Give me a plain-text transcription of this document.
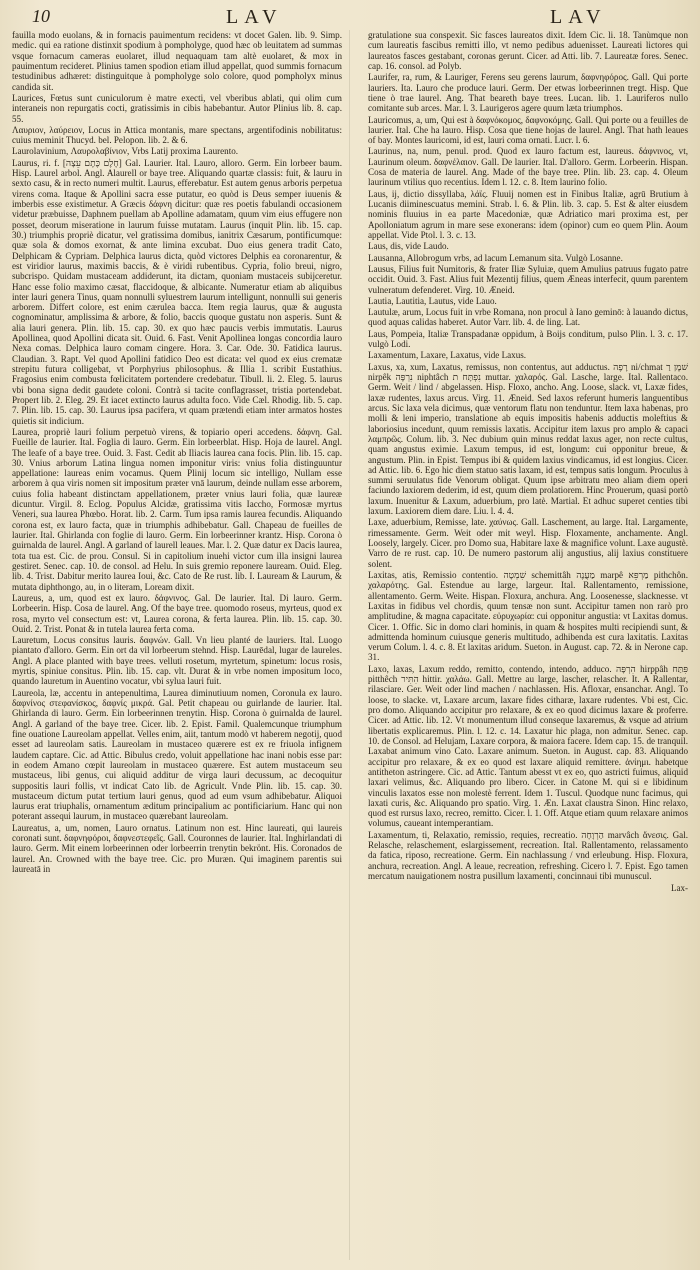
10	LAV	LAV

fauilla modo euolans, & in fornacis pauimentum recidens: vt docet Galen. lib. 9. Simp. medic. qui ea ratione distinxit spodium à pompholyge, quod hæc ob leuitatem ad summas vsque fornacum cameras euolaret, illud nequaquam tam altè euolaret, & mox in pauimentum recideret. Plinius tamen spodion etiam illud appellat, quod summis fornacum testudinibus adhæret: distinguitque à pompholyge solo colore, quod pompholyx minus candida sit.

Laurices, Fœtus sunt cuniculorum è matre execti, vel vberibus ablati, qui olim cum interaneis non repurgatis cocti, gratissimis in cibis habebantur. Autor Plinius lib. 8. cap. 55.

Λαυριον, λαύρειον, Locus in Attica montanis, mare spectans, argentifodinis nobilitatus: cuius meminit Thucyd. bel. Pelopon. lib. 2. & 6.

Laurolavinium, Λαυρολαβίνιον, Vrbs Latij proxima Laurento.

Laurus, ri. f. [חֶלֶם כֶּתֶם עֵצָה] Gal. Laurier. Ital. Lauro, alloro. Germ. Ein lorbeer baum. Hisp. Laurel arbol. Angl. Alaurell or baye tree. Aliquando quartæ classis: fuit, & lauru in sexto casu, & in recto numeri multit. Laurus, efferebatur. Est autem genus arboris perpetua virens coma. Itaque & Apollini sacra esse putatur, eo quòd is Deus semper iuuenis & imberbis esse existimetur. A Græcis δάφνη dicitur: quæ res poetis fabulandi occasionem videtur præbuisse, Daphnem puellam ab Apolline adamatam, quum vim eius effugere non posset, deorum miseratione in laurum fuisse mutatam. Laurus (inquit Plin. lib. 15. cap. 30.) triumphis propriè dicatur, vel gratissima domibus, ianitrix Cæsarum, pontificumque: quæ sola & domos exornat, & ante limina excubat. Duo eius genera tradit Cato, Delphicam & Cypriam. Delphica laurus dicta, quòd victores Delphis ea coronarentur, & est viridior laurus, maximis baccis, & è viridi rubentibus. Cypria, folio breui, nigro, subcrispo. Quidam mustaceam addiderunt, ita dictam, quoniam mustaceis subijceretur. Hanc esse folio maximo cæsat, flaccidoque, & albicante. Numeratur etiam ab aliquibus inter lauri genera Tinus, quam nonnulli syluestrem laurum intelligunt, nonnulli sui generis arborem. Differt colore, est enim cærulea bacca. Item regia laurus, quæ & augusta cognominatur, amplissima & arbore, & folio, baccis quoque gustatu non asperis. Sunt & alia lauri genera. Plin. lib. 15. cap. 30. ex quo hæc paucis verbis immutatis. Laurus Apollinea, quod Apollini dicata sit. Ouid. 6. Fast. Venit Apollinea longas concordia lauro Nexa comas. Delphica lauro comam cingere. Hora. 3. Car. Ode. 30. Fatidica laurus. Claudian. 3. Rapt. Vel quod Apollini fatidico Deo est dicata: vel quod ex eius crematæ strepitu futura colligebat, vt Porphyrius philosophus. & Illia 1. scribit Eustathius. Fragosius enim combusta fœlicitatem portendere credebatur. Tibull. li. 2. Eleg. 5. laurus vbi bona signa dedit gaudete coloni. Contrà si tacite conflagrasset, tristia portendebat. Propert lib. 2. Eleg. 29. Et iacet extincto laurus adulta foco. Vide Cæl. Rhodig. lib. 5. cap. 7. Plin. lib. 15. cap. 30. Laurus ipsa pacifera, vt quam prætendi etiam inter armatos hostes quietis sit indicium.

Laurea, propriè lauri folium perpetuò virens, & topiario operi accedens. δάφνη. Gal. Fueille de laurier. Ital. Foglia di lauro. Germ. Ein lorbeerblat. Hisp. Hoja de laurel. Angl. The leafe of a baye tree. Ouid. 3. Fast. Cedit ab Iliacis laurea cana focis. Plin. lib. 15. cap. 30. Vnius arborum Latina lingua nomen imponitur viris: vnius folia distinguuntur appellatione: laureas enim vocamus. Quem Plinij locum sic intelligo, Nullam esse arborem à qua viris nomen sit impositum præter vnā laurum, deinde nullam esse arborem, cuius folia habeant distinctam appellationem, præter vnius lauri folia, quæ laureæ dicuntur. Virgil. 8. Eclog. Populus Alcidæ, gratissima vitis Iaccho, Formosæ myrtus Veneri, sua laurea Phœbo. Horat. lib. 2. Carm. Tum ipsa ramis laurea fecundis. Aliquando corona est, ex lauro facta, quæ in triumphis adhibebatur. Gall. Chapeau de fueilles de laurier. Ital. Ghirlanda con foglie di lauro. Germ. Ein lorbeerinner krantz. Hisp. Corona ò guirnalda de laurel. Angl. A garland of laurell leaues. Mar. l. 2. Quæ datur ex Dacis laurea, tota tua est. Cic. de prou. Consul. Si in capitolium inuehi victor cum illa insigni laurea gestiret. Senec. cap. 10. de consol. ad Helu. In suis gremio reponere lauream. Ouid. Eleg. lib. 4. Trist. Dabitur merito laurea Ioui, &c. Cato de Re rust. lib. I. Lauream & Laurum, & mutata diphthongo, au, in o literam, Loream dixit.

Laureus, a, um, quod est ex lauro. δάφνινος. Gal. De laurier. Ital. Di lauro. Germ. Lorbeerin. Hisp. Cosa de laurel. Ang. Of the baye tree. quomodo roseus, myrteus, quod ex rosa, myrto vel consectum est: vt, Laurea corona, & ferta laurea. Plin. lib. 15. cap. 30. Ouid. 2. Trist. Ponat & in tutela laurea ferta coma.

Lauretum, Locus consitus lauris. δαφνών. Gall. Vn lieu planté de lauriers. Ital. Luogo piantato d'alloro. Germ. Ein ort da vil lorbeerum stehnd. Hisp. Laurēdal, lugar de laureles. Angl. A place planted with baye trees. velluti rosetum, myrtetum, spinetum: locus rosis, myrtis, spiniue consitus. Plin. lib. 15. cap. vlt. Durat & in vrbe nomen impositum loco, quando lauretum in Auentino vocatur, vbi sylua lauri fuit.

Laureola, læ, accentu in antepenultima, Laurea diminutiuum nomen, Coronula ex lauro. δαφνίνος στεφανίσκος, δαφνίς μικρά. Gal. Petit chapeau ou guirlande de laurier. Ital. Ghirlanda di lauro. Germ. Ein lorbeerinnen trenytin. Hisp. Corona ò guirnalda de laurel. Angl. A garland of the baye tree. Cicer. lib. 2. Epist. Famil. Qualemcunque triumphum fine ouatione Laureolam appellat. Velles enim, aiit, tantum modò vt haberem negotij, quod esset ad laureolam satis. Laureolam in mustaceo quærere est ex re friuola infignem laudem captare. Cic. ad Attic. Bibulus credo, voluit appellatione hac inani nobis esse par: in eodem Amano cœpit laureolam in mustaceo quærere. Est autem mustaceum seu mustaceus, libi genus, cui aliquid additur de virga lauri decussum, ac decoquitur suppositis lauri follis, vt indicat Cato lib. de Agricult. Vnde Plin. lib. 15. cap. 30. mustaceum dictum putat tertium lauri genus, quod ad eum vsum adhibebatur. Aliquoi laurus erat triuphalis, ornamentum æditum principalium ac pontificiarium. Hanc qui non poterant assequi laurum, in mustaceo quærebant laureolam.

Laureatus, a, um, nomen, Lauro ornatus. Latinum non est. Hinc laureati, qui laureis coronati sunt. δαφνηφόροι, δαφνεστεφεῖς. Gall. Couronnes de laurier. Ital. Inghirlandati di lauro. Germ. Mit einem lorbeerinnen oder lorbeerrin trenytin bekrönt. His. Coronados de laurel. An. Crowned with the baye tree. Cic. pro Muræn. Qui imaginem parentis sui laureatā in

gratulatione sua conspexit. Sic fasces laureatos dixit. Idem Cic. li. 18. Tanùmque non cum laureatis fascibus remitti illo, vt nemo pedibus aduenisset. Laureati lictores qui laureatos fasces gestabant, coronas gerunt. Cicer. ad Atti. lib. 7. Laureatæ fores. Senec. cap. 16. consol. ad Polyb.

Laurifer, ra, rum, & Lauriger, Ferens seu gerens laurum, δαφνηφόρος. Gall. Qui porte lauriers. Ita. Lauro che produce lauri. Germ. Der etwas lorbeerinnen tregt. Hisp. Que tiene ò trae laurel. Ang. That beareth baye trees. Lucan. lib. 1. Lauriferos nullo comitante sub arces. Mar. l. 3. Laurigeros agere quum læta triumphos.

Lauricomus, a, um, Qui est à δαφνόκομος, δαφνοκόμης. Gall. Qui porte ou a feuilles de laurier. Ital. Che ha lauro. Hisp. Cosa que tiene hojas de laurel. Angl. That hath leaues of bay. Montes lauricomi, id est, lauri coma ornati. Lucr. l. 6.

Laurinus, na, num, penul. prod. Quod ex lauro factum est, laureus. δάφνινος, vt, Laurinum oleum. δαφνέλαιον. Gall. De laurier. Ital. D'alloro. Germ. Lorbeerin. Hispan. Cosa de materia de laurel. Ang. Made of the baye tree. Plin. lib. 23. cap. 4. Oleum laurinum vtilius quo recentius. Idem l. 12. c. 8. Item laurino folio.

Laus, ij, dictio dissyllaba, λάϊς. Fluuij nomen est in Finibus Italiæ, agrū Brutium à Lucanis diiminescuatus memini. Strab. l. 6. & Plin. lib. 3. cap. 5. Est & alter eiusdem nominis fluuius in ea parte Macedoniæ, quæ Adriatico mari proxima est, per Apolloniatum agrum in mare sese exonerans: idem (opinor) cum eo quem Plin. Aoum appellat. Vide Ptol. l. 3. c. 13.

Laus, dis, vide Laudo.

Lausanna, Allobrogum vrbs, ad lacum Lemanum sita. Vulgò Losanne.

Lausus, Filius fuit Numitoris, & frater Iliæ Syluiæ, quem Amulius patruus fugato patre occidit. Ouid. 3. Fast. Alius fuit Mezentij filius, quem Æneas interfecit, quum parentem vulneratum defenderet. Virg. 10. Æneid.

Lautia, Lautitia, Lautus, vide Lauo.

Lautulæ, arum, Locus fuit in vrbe Romana, non procul à Iano geminō: à lauando dictus, quod aquas calidas haberet. Autor Varr. lib. 4. de ling. Lat.

Laus, Pompeia, Italiæ Transpadanæ oppidum, à Boijs conditum, pulso Plin. l. 3. c. 17. vulgò Lodi.

Laxamentum, Laxare, Laxatus, vide Laxus.

Laxus, xa, xum, Laxatus, remissus, non contentus, aut adductus. רָפֶה ni/chmat שׁמֶן רַ nirpêk נִרְפֶּה niphtâch נִפְתָּח ת muttar. χαλαρός. Gal. Lasche, large. Ital. Rallentaco. Germ. Weit / lind / abgelassen. Hisp. Floxo, ancho. Ang. Loose, slack. vt, Laxæ fides, laxæ rudentes, laxus arcus. Virg. 11. Æneid. Sed laxos referunt humeris languentibus arcus. Sic laxa vela dicimus, quæ ventorum flatu non tenduntur. Item laxa habenas, pro molli & leni imperio, translatione ab equis impositis habenis adductis moleftius & laboriosius incedunt, quum remissis laxatis. Accipitur item laxus pro amplo & capaci λαμπρῶς. Colum. lib. 3. Nec dubium quin minus reddat laxus ager, non recte cultus, quam angustus eximie. Laxum tempus, id est, longum: cui opponitur breue, & angustum. Plin. in Epist. Tempus ibi & quidem laxius vindicamus, id est longius. Cicer. ad Attic. lib. 6. Ego hic diem statuo satis laxam, id est, tempus satis longum. Proculus à summi seruulatus fide Venorum obligat. Quum ipse arbitratu meo aliam diem operi faciundo laxiorem dederim, id est, quum diem prolatiorem. Hinc Prouerum, quasi portò laxum. Inuenitur & Laxum, aduerbium, pro latè. Martial. Et adhuc superet centies tibi laxum. Laxiorem diem dare. Liu. l. 4. 4.

Laxe, aduerbium, Remisse, late. χαύνως. Gall. Laschement, au large. Ital. Largamente, rimessamente. Germ. Weit oder mit weyl. Hisp. Floxamente, anchamente. Angl. Loosely, largely. Cicer. pro Domo sua, Habitare laxe & magnifice volunt. Laxe augustè. Varro de re rust. cap. 10. De numero pastorum alij angustius, alij laxius constituere solent.

Laxitas, atis, Remissio contentio. שִׁמְטָה schemittâh מַעֲנֶה marpê מַרְפֵּא pithchôn. χαλαρότης. Gal. Estendue au large, largeur. Ital. Rallentamento, remissione, allentamento. Germ. Weite. Hispan. Floxura, anchura. Ang. Loosenesse, slacknesse. vt Laxitas in fidibus vel chordis, quum tensæ non sunt. Accipitur tamen non rarò pro amplitudine, & magna capacitate. εὐρυχωρία: cui opponitur angustia: vt Laxitas domus. Cicer. 1. Offic. Sic in domo clari hominis, in quam & hospites multi recipiendi sunt, & admittenda hominum cuiusque generis multitudo, adhibenda est cura laxitatis. Laxitas verum Colum. l. 4. c. 8. Et laxitas aridum. Sueton. in August. cap. 72. & in Nerone cap. 31.

Laxo, laxas, Laxum reddo, remitto, contendo, intendo, adduco. הִרְפָּה hirppâh פִּתַּח pitthêch הִתִּיר hittir. χαλάω. Gall. Mettre au large, lascher, relascher. It. A Rallentar, rilasciare. Ger. Weit oder lind machen / nachlassen. His. Afloxar, ensanchar. Angl. To loose, to slacke. vt, Laxare arcum, laxare fides citharæ, laxare rudentes. Vbi est, Cic. pro domo. Aliquando accipitur pro relaxare, & ex eo quod dicimus laxare & proferre. Cicer. ad Attic. lib. 12. Vt monumentum illud conseque laxaremus, & vsque ad atrium libertatis explicaremus. Plin. l. 12. c. 14. Laxatur hic plaga, non admitur. Senec. cap. 10. de Consol. ad Helujam, Laxare corpora, & maiora facere. Idem cap. 15. de tranquil. Laxabat animum vino Cato. Laxare animum. Sueton. in August. cap. 83. Aliquando accipitur pro relaxare, & ex eo quod est laxare aliquid remittere. ἀνίημι. habetque antitheton astringere. Cic. ad Attic. Tantum abesst vt ex eo, quo astricti fuimus, aliquid laxari velimus, &c. Aliquando pro libero. Cicer. in Catone M. qui si e libidinum vinculis laxatos esse non molestè ferrent. Idem 1. Tuscul. Quodque nunc facimus, qui laxati curis, &c. Aliquando pro spatio. Virg. 1. Æn. Laxat claustra Sinon. Hinc relaxo, quod est rursus laxo, recreo, remitto. Cicer. l. 1. Off. Atque etiam quum relaxare animos volumus, caueant intemperantiam.

Laxamentum, ti, Relaxatio, remissio, requies, recreatio. הַרְוָחָה marvâch ἄνεσις. Gal. Relasche, relaschement, eslargissement, recreation. Ital. Rallentamento, relassamento da fatica, riposo, recreatione. Germ. Ein nachlassung / vnd erleubung. Hisp. Floxura, anchura, recreation. Angl. A leaue, recreation, refreshing. Cicero l. 7. Epist. Ego tamen mercatum nauigationem nostra pusillum laxamenti, concinnaui tibi munuscul.

Lax-
